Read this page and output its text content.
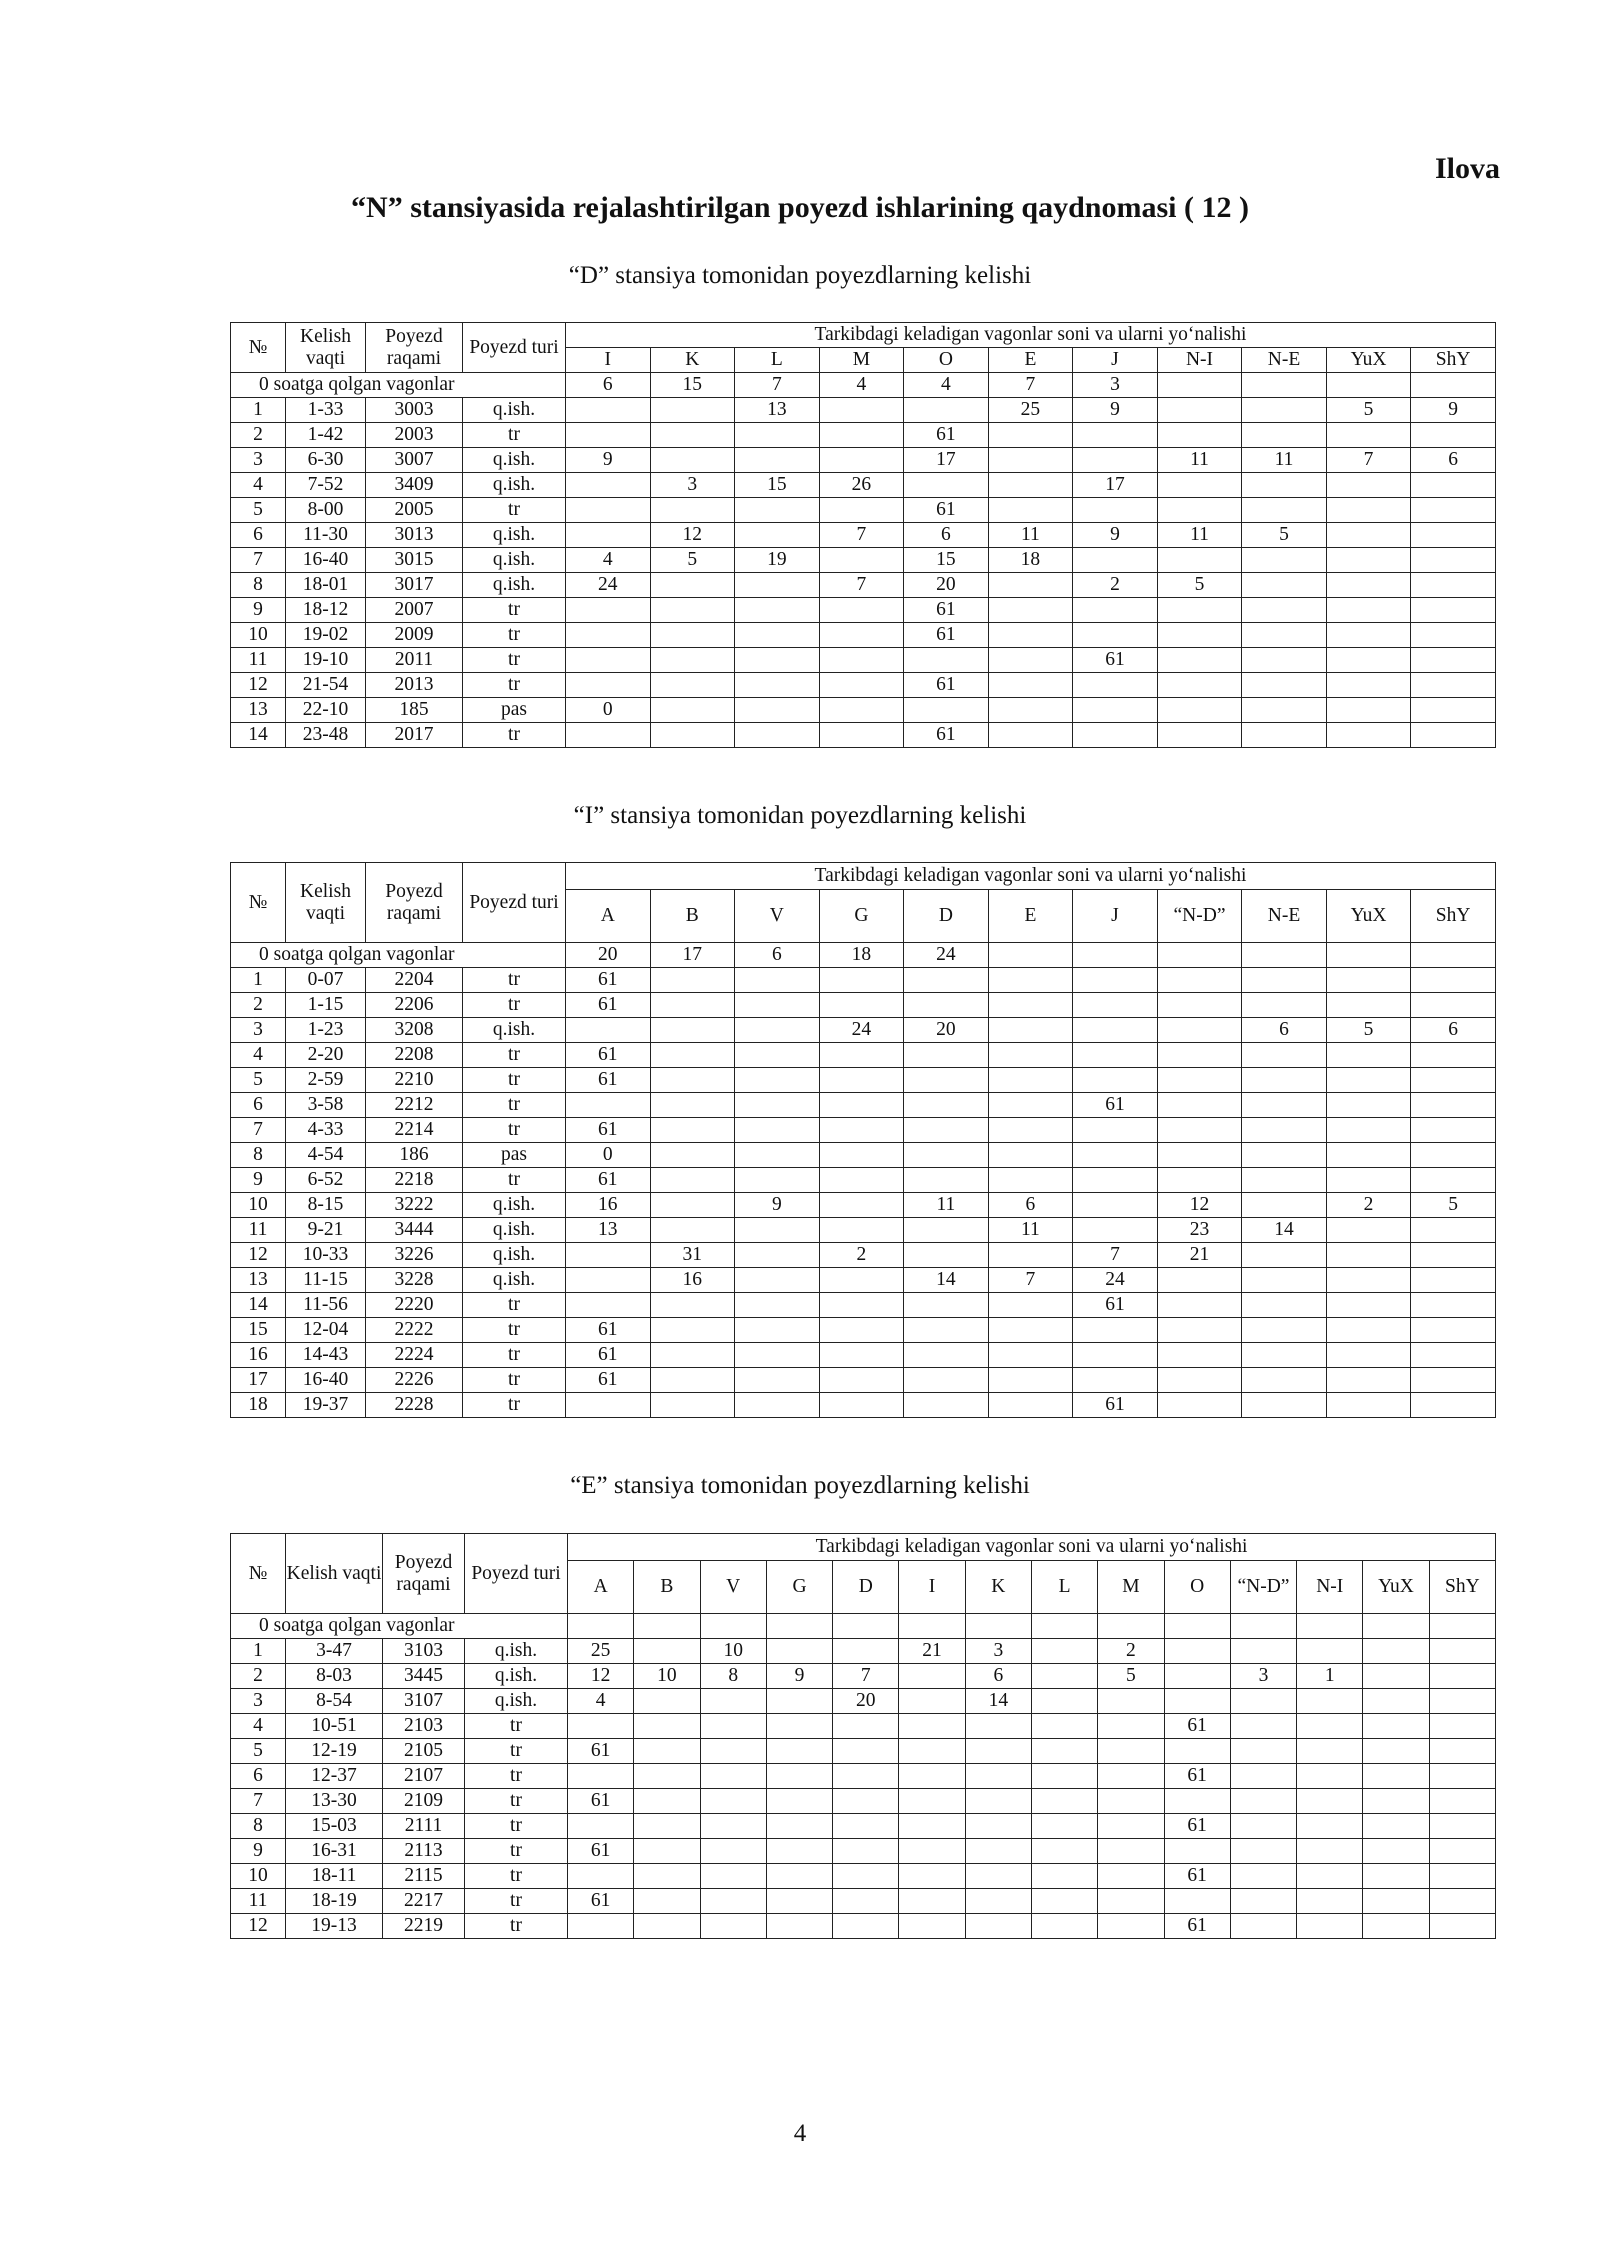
Ilova
“N” stansiyasida rejalashtirilgan poyezd ishlarining qaydnomasi ( 12 )
“D” stansiya tomonidan poyezdlarning kelishi
№	Kelish vaqti	Poyezd raqami	Poyezd turi	Tarkibdagi keladigan vagonlar soni va ularni yo‘nalishi										
				I	K	L	M	O	E	J	N-I	N-E	YuX	ShY
0 soatga qolgan vagonlar				6	15	7	4	4	7	3				
1	1-33	3003	q.ish.			13			25	9			5	9
2	1-42	2003	tr					61						
3	6-30	3007	q.ish.	9				17			11	11	7	6
4	7-52	3409	q.ish.		3	15	26			17				
5	8-00	2005	tr					61						
6	11-30	3013	q.ish.		12		7	6	11	9	11	5		
7	16-40	3015	q.ish.	4	5	19		15	18					
8	18-01	3017	q.ish.	24			7	20		2	5			
9	18-12	2007	tr					61						
10	19-02	2009	tr					61						
11	19-10	2011	tr							61				
12	21-54	2013	tr					61						
13	22-10	185	pas	0										
14	23-48	2017	tr					61						
“I” stansiya tomonidan poyezdlarning kelishi
№	Kelish vaqti	Poyezd raqami	Poyezd turi	Tarkibdagi keladigan vagonlar soni va ularni yo‘nalishi										
				A	B	V	G	D	E	J	“N-D”	N-E	YuX	ShY
0 soatga qolgan vagonlar				20	17	6	18	24						
1	0-07	2204	tr	61										
2	1-15	2206	tr	61										
3	1-23	3208	q.ish.				24	20				6	5	6
4	2-20	2208	tr	61										
5	2-59	2210	tr	61										
6	3-58	2212	tr							61				
7	4-33	2214	tr	61										
8	4-54	186	pas	0										
9	6-52	2218	tr	61										
10	8-15	3222	q.ish.	16		9		11	6		12		2	5
11	9-21	3444	q.ish.	13					11		23	14		
12	10-33	3226	q.ish.		31		2			7	21			
13	11-15	3228	q.ish.		16			14	7	24				
14	11-56	2220	tr							61				
15	12-04	2222	tr	61										
16	14-43	2224	tr	61										
17	16-40	2226	tr	61										
18	19-37	2228	tr							61				
“E” stansiya tomonidan poyezdlarning kelishi
№	Kelish vaqti	Poyezd raqami	Poyezd turi	Tarkibdagi keladigan vagonlar soni va ularni yo‘nalishi													
				A	B	V	G	D	I	K	L	M	O	“N-D”	N-I	YuX	ShY
0 soatga qolgan vagonlar																	
1	3-47	3103	q.ish.	25		10			21	3		2					
2	8-03	3445	q.ish.	12	10	8	9	7		6		5		3	1		
3	8-54	3107	q.ish.	4				20		14							
4	10-51	2103	tr										61				
5	12-19	2105	tr	61													
6	12-37	2107	tr										61				
7	13-30	2109	tr	61													
8	15-03	2111	tr										61				
9	16-31	2113	tr	61													
10	18-11	2115	tr										61				
11	18-19	2217	tr	61													
12	19-13	2219	tr										61				
4
